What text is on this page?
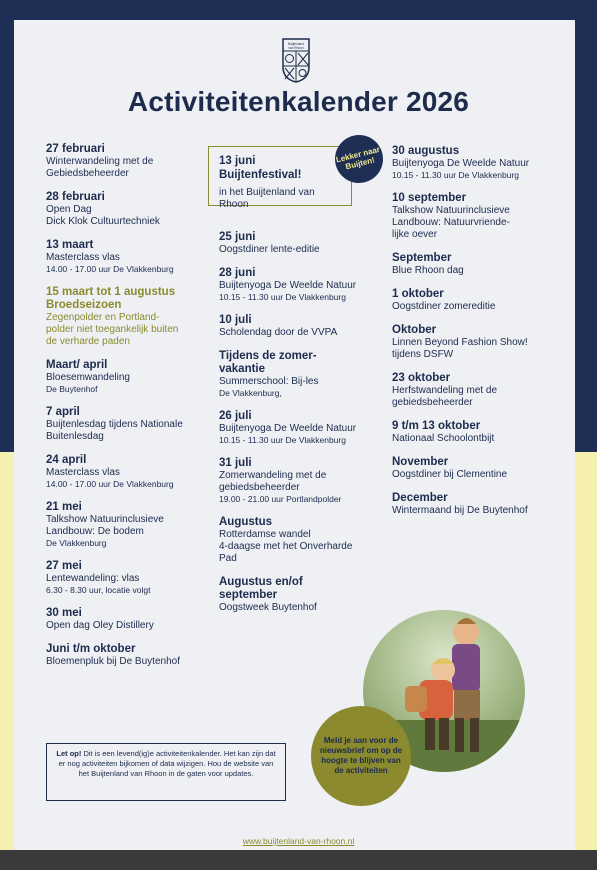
Buijtenland
van Rhoon
Activiteitenkalender 2026
27 februari
Winterwandeling met de
Gebiedsbeheerder
28 februari
Open Dag
Dick Klok Cultuurtechniek
13 maart
Masterclass vlas
14.00 - 17.00 uur De Vlakkenburg
15 maart tot 1 augustus
Broedseizoen
Zegenpolder en Portland-
polder niet toegankelijk buiten
de verharde paden
Maart/ april
Bloesemwandeling
De Buytenhof
7 april
Buijtenlesdag tijdens Nationale
Buitenlesdag
24 april
Masterclass vlas
14.00 - 17.00 uur De Vlakkenburg
21 mei
Talkshow Natuurinclusieve
Landbouw: De bodem
De Vlakkenburg
27 mei
Lentewandeling: vlas
6.30 - 8.30 uur, locatie volgt
30 mei
Open dag Oley Distillery
Juni t/m oktober
Bloemenpluk bij De Buytenhof
13 juni
Buijtenfestival!
in het Buijtenland van Rhoon
Lekker naar Buijten!
25 juni
Oogstdiner lente-editie
28 juni
Buijtenyoga De Weelde Natuur
10.15 - 11.30 uur De Vlakkenburg
10 juli
Scholendag door de VVPA
Tijdens de zomer-
vakantie
Summerschool: Bij-les
De Vlakkenburg,
26 juli
Buijtenyoga De Weelde Natuur
10.15 - 11.30 uur De Vlakkenburg
31 juli
Zomerwandeling met de
gebiedsbeheerder
19.00 - 21.00 uur Portlandpolder
Augustus
Rotterdamse wandel
4-daagse met het Onverharde
Pad
Augustus en/of
september
Oogstweek Buytenhof
30 augustus
Buijtenyoga De Weelde Natuur
10.15 - 11.30 uur De Vlakkenburg
10 september
Talkshow Natuurinclusieve
Landbouw: Natuurvriende-
lijke oever
September
Blue Rhoon dag
1 oktober
Oogstdiner zomereditie
Oktober
Linnen Beyond Fashion Show!
tijdens DSFW
23 oktober
Herfstwandeling met de
gebiedsbeheerder
9 t/m 13 oktober
Nationaal Schoolontbijt
November
Oogstdiner bij Clementine
December
Wintermaand bij De Buytenhof
Let op! Dit is een levend(ig)e activiteitenkalender. Het kan zijn dat er nog activiteiten bijkomen of data wijzigen. Hou de website van het Buijtenland van Rhoon in de gaten voor updates.
Meld je aan voor de nieuwsbrief om op de hoogte te blijven van de activiteiten
www.buijtenland-van-rhoon.nl
